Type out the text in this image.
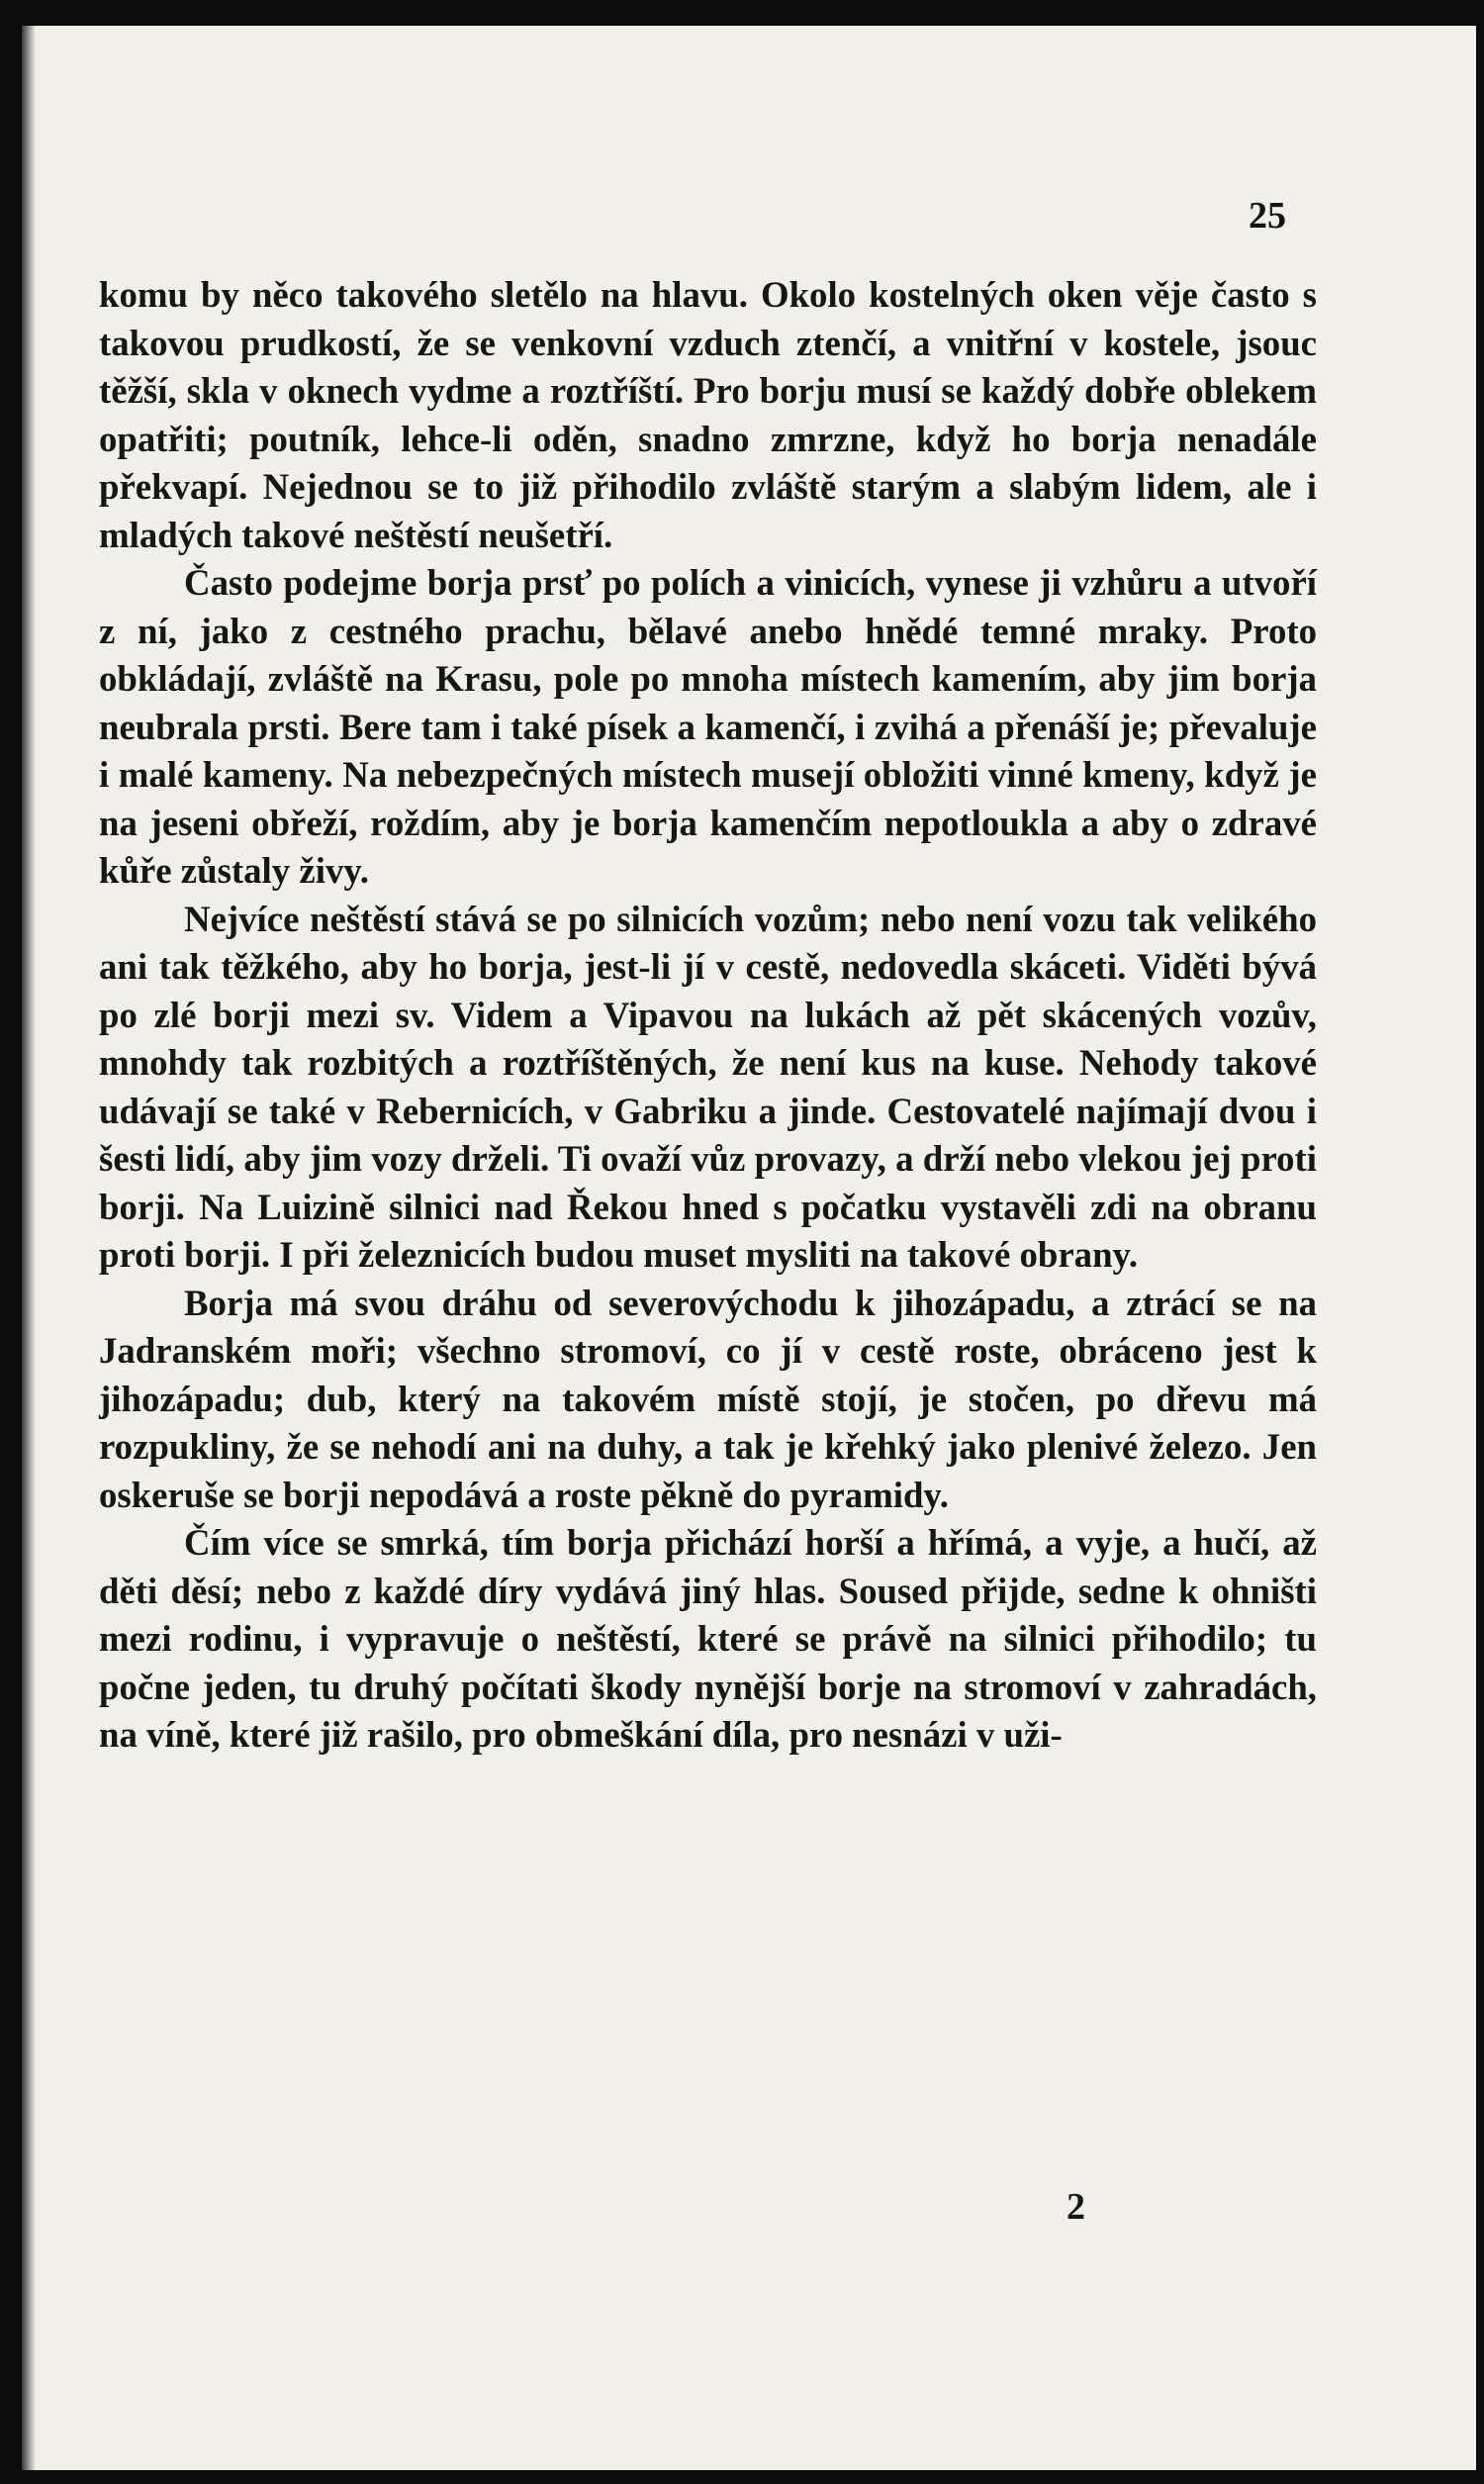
25

komu by něco takového sletělo na hlavu. Okolo kostelných oken věje často s takovou prudkostí, že se venkovní vzduch ztenčí, a vnitřní v kostele, jsouc těžší, skla v oknech vydme a roztříští. Pro borju musí se každý dobře oblekem opatřiti; poutník, lehce-li oděn, snadno zmrzne, když ho borja nenadále překvapí. Nejednou se to již přihodilo zvláště starým a slabým lidem, ale i mladých takové neštěstí neušetří.

Často podejme borja prsť po polích a vinicích, vynese ji vzhůru a utvoří z ní, jako z cestného prachu, bělavé anebo hnědé temné mraky. Proto obkládají, zvláště na Krasu, pole po mnoha místech kamením, aby jim borja neubrala prsti. Bere tam i také písek a kamenčí, i zvihá a přenáší je; převaluje i malé kameny. Na nebezpečných místech musejí obložiti vinné kmeny, když je na jeseni obřeží, roždím, aby je borja kamenčím nepotloukla a aby o zdravé kůře zůstaly živy.

Nejvíce neštěstí stává se po silnicích vozům; nebo není vozu tak velikého ani tak těžkého, aby ho borja, jest-li jí v cestě, nedovedla skáceti. Viděti bývá po zlé borji mezi sv. Videm a Vipavou na lukách až pět skácených vozův, mnohdy tak rozbitých a roztříštěných, že není kus na kuse. Nehody takové udávají se také v Rebernicích, v Gabriku a jinde. Cestovatelé najímají dvou i šesti lidí, aby jim vozy drželi. Ti ovaží vůz provazy, a drží nebo vlekou jej proti borji. Na Luizině silnici nad Řekou hned s počatku vystavěli zdi na obranu proti borji. I při železnicích budou muset mysliti na takové obrany.

Borja má svou dráhu od severovýchodu k jihozápadu, a ztrácí se na Jadranském moři; všechno stromoví, co jí v cestě roste, obráceno jest k jihozápadu; dub, který na takovém místě stojí, je stočen, po dřevu má rozpukliny, že se nehodí ani na duhy, a tak je křehký jako plenivé železo. Jen oskeruše se borji nepodává a roste pěkně do pyramidy.

Čím více se smrká, tím borja přichází horší a hřímá, a vyje, a hučí, až děti děsí; nebo z každé díry vydává jiný hlas. Soused přijde, sedne k ohništi mezi rodinu, i vypravuje o neštěstí, které se právě na silnici přihodilo; tu počne jeden, tu druhý počítati škody nynější borje na stromoví v zahradách, na víně, které již rašilo, pro obmeškání díla, pro nesnázi v uži-

2
